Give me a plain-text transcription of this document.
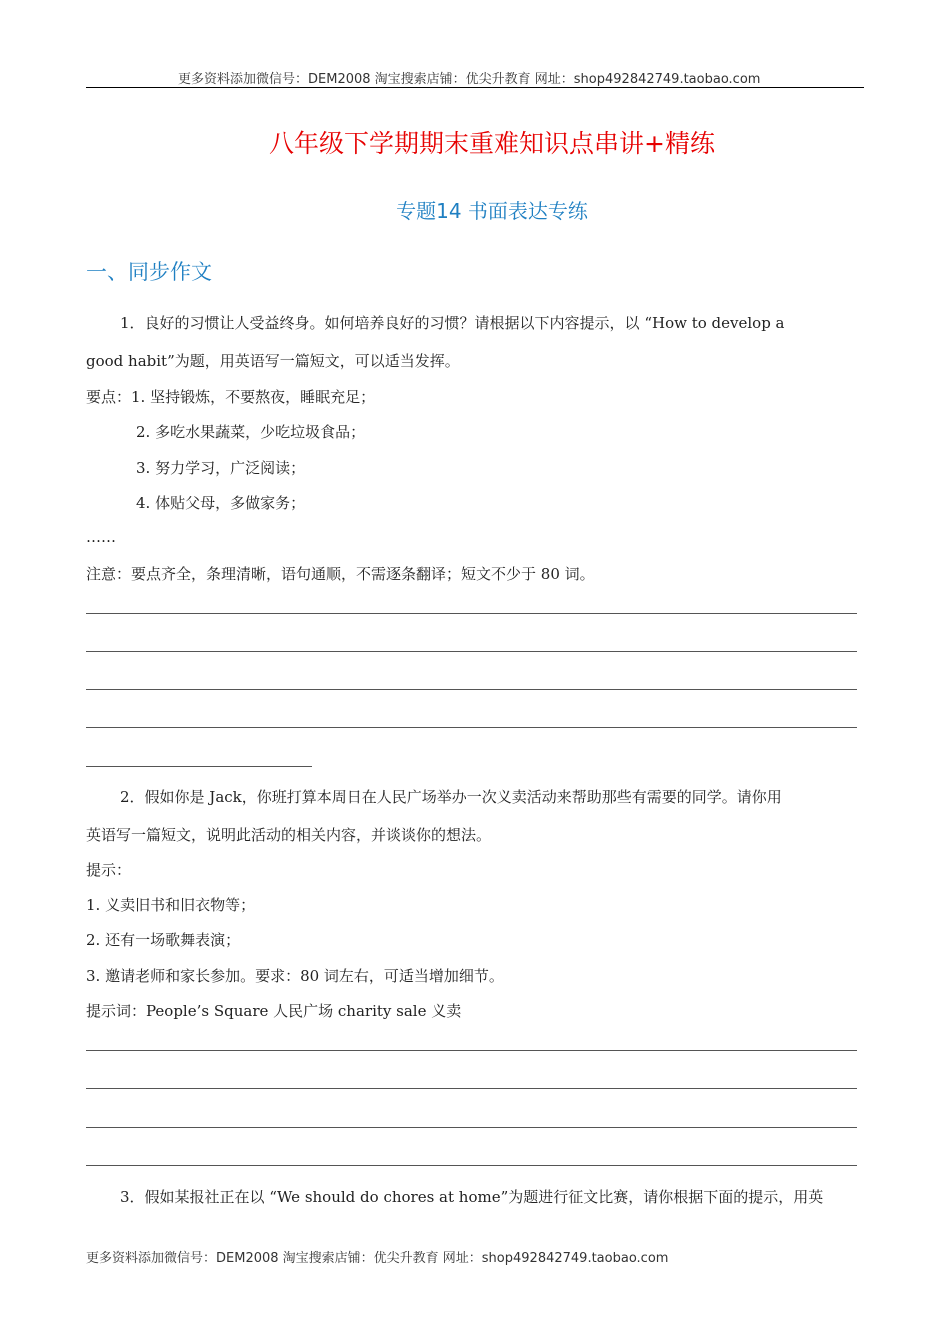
更多资料添加微信号：DEM2008 淘宝搜索店铺：优尖升教育 网址：shop492842749.taobao.com
八年级下学期期末重难知识点串讲+精练
专题14 书面表达专练
一、同步作文
1．良好的习惯让人受益终身。如何培养良好的习惯？请根据以下内容提示，以 “How to develop a
good habit”为题，用英语写一篇短文，可以适当发挥。
要点：1. 坚持锻炼，不要熬夜，睡眠充足；
2. 多吃水果蔬菜，少吃垃圾食品；
3. 努力学习，广泛阅读；
4. 体贴父母，多做家务；
……
注意：要点齐全，条理清晰，语句通顺，不需逐条翻译；短文不少于 80 词。
2．假如你是 Jack，你班打算本周日在人民广场举办一次义卖活动来帮助那些有需要的同学。请你用
英语写一篇短文，说明此活动的相关内容，并谈谈你的想法。
提示：
1. 义卖旧书和旧衣物等；
2. 还有一场歌舞表演；
3. 邀请老师和家长参加。要求：80 词左右，可适当增加细节。
提示词：People’s Square 人民广场 charity sale 义卖
3．假如某报社正在以 “We should do chores at home”为题进行征文比赛，请你根据下面的提示，用英
更多资料添加微信号：DEM2008 淘宝搜索店铺：优尖升教育 网址：shop492842749.taobao.com
